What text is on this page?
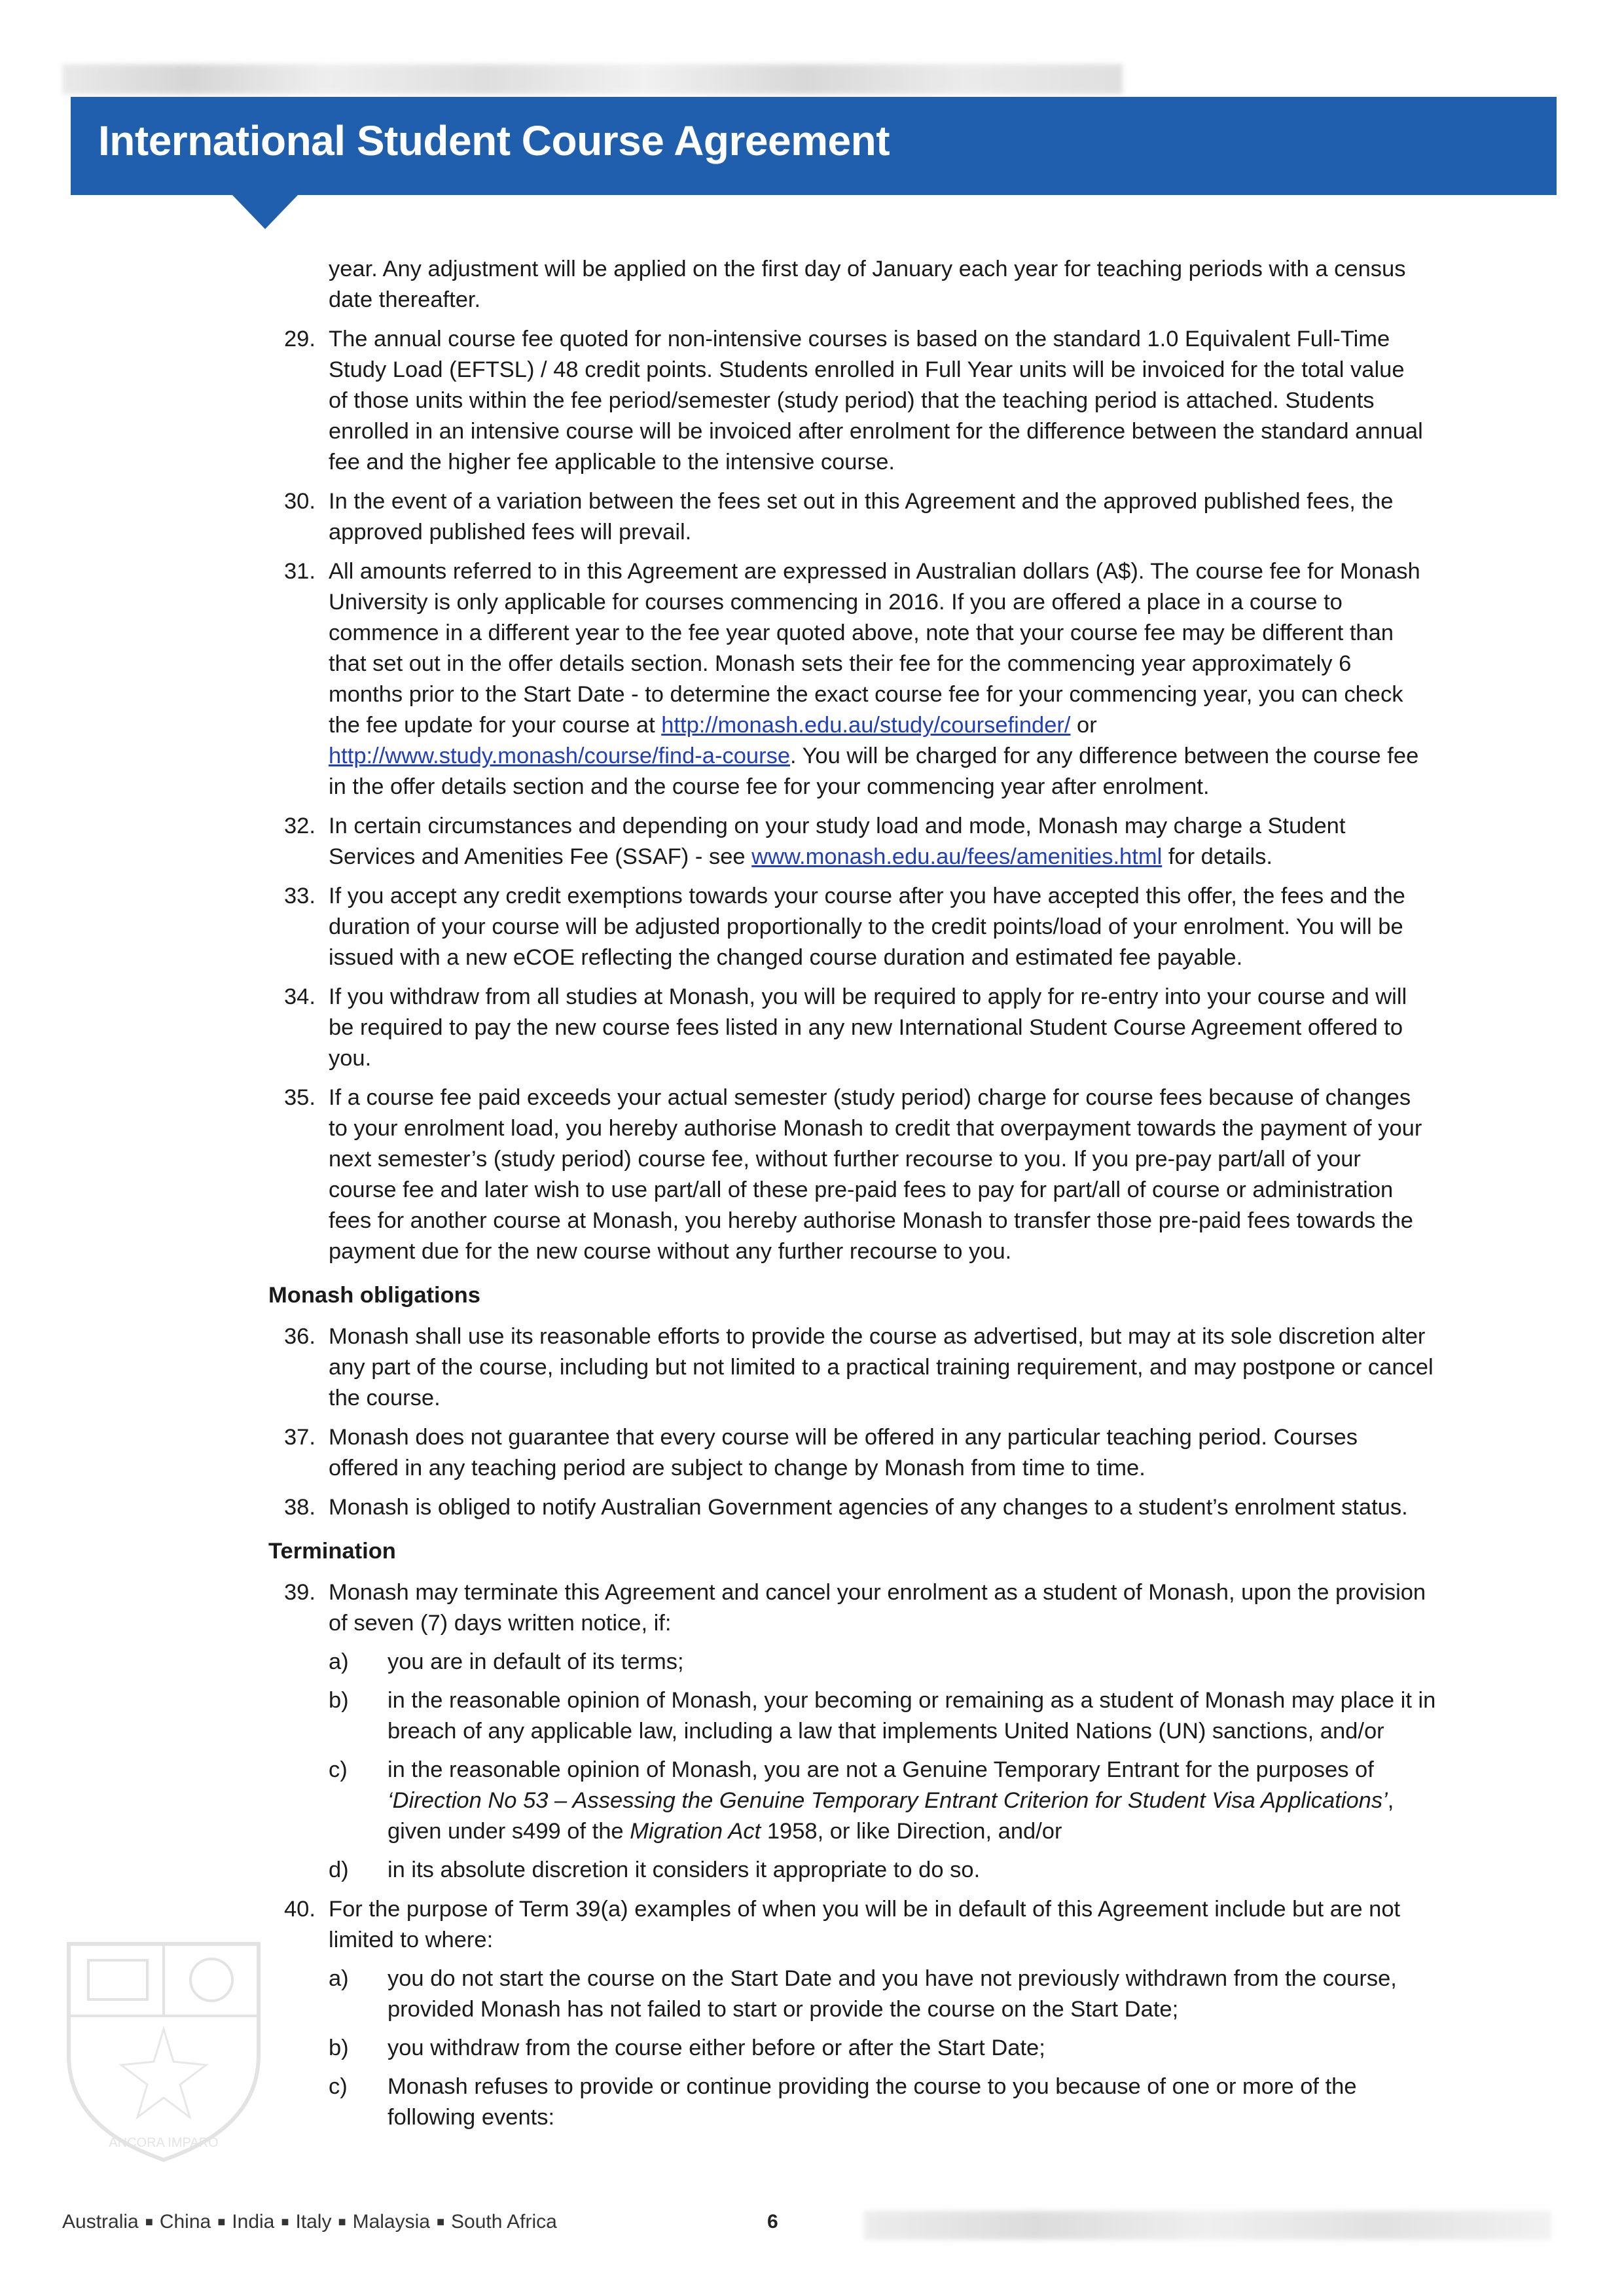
International Student Course Agreement
year. Any adjustment will be applied on the first day of January each year for teaching periods with a census
date thereafter.
29. The annual course fee quoted for non-intensive courses is based on the standard 1.0 Equivalent Full-Time
Study Load (EFTSL) / 48 credit points. Students enrolled in Full Year units will be invoiced for the total value
of those units within the fee period/semester (study period) that the teaching period is attached. Students
enrolled in an intensive course will be invoiced after enrolment for the difference between the standard annual
fee and the higher fee applicable to the intensive course.
30. In the event of a variation between the fees set out in this Agreement and the approved published fees, the
approved published fees will prevail.
31. All amounts referred to in this Agreement are expressed in Australian dollars (A$). The course fee for Monash
University is only applicable for courses commencing in 2016. If you are offered a place in a course to
commence in a different year to the fee year quoted above, note that your course fee may be different than
that set out in the offer details section. Monash sets their fee for the commencing year approximately 6
months prior to the Start Date - to determine the exact course fee for your commencing year, you can check
the fee update for your course at http://monash.edu.au/study/coursefinder/ or
http://www.study.monash/course/find-a-course. You will be charged for any difference between the course fee
in the offer details section and the course fee for your commencing year after enrolment.
32. In certain circumstances and depending on your study load and mode, Monash may charge a Student
Services and Amenities Fee (SSAF) - see www.monash.edu.au/fees/amenities.html for details.
33. If you accept any credit exemptions towards your course after you have accepted this offer, the fees and the
duration of your course will be adjusted proportionally to the credit points/load of your enrolment. You will be
issued with a new eCOE reflecting the changed course duration and estimated fee payable.
34. If you withdraw from all studies at Monash, you will be required to apply for re-entry into your course and will
be required to pay the new course fees listed in any new International Student Course Agreement offered to
you.
35. If a course fee paid exceeds your actual semester (study period) charge for course fees because of changes
to your enrolment load, you hereby authorise Monash to credit that overpayment towards the payment of your
next semester’s (study period) course fee, without further recourse to you. If you pre-pay part/all of your
course fee and later wish to use part/all of these pre-paid fees to pay for part/all of course or administration
fees for another course at Monash, you hereby authorise Monash to transfer those pre-paid fees towards the
payment due for the new course without any further recourse to you.
Monash obligations
36. Monash shall use its reasonable efforts to provide the course as advertised, but may at its sole discretion alter
any part of the course, including but not limited to a practical training requirement, and may postpone or cancel
the course.
37. Monash does not guarantee that every course will be offered in any particular teaching period. Courses
offered in any teaching period are subject to change by Monash from time to time.
38. Monash is obliged to notify Australian Government agencies of any changes to a student’s enrolment status.
Termination
39. Monash may terminate this Agreement and cancel your enrolment as a student of Monash, upon the provision
of seven (7) days written notice, if:
a) you are in default of its terms;
b) in the reasonable opinion of Monash, your becoming or remaining as a student of Monash may place it in
breach of any applicable law, including a law that implements United Nations (UN) sanctions, and/or
c) in the reasonable opinion of Monash, you are not a Genuine Temporary Entrant for the purposes of
‘Direction No 53 – Assessing the Genuine Temporary Entrant Criterion for Student Visa Applications’,
given under s499 of the Migration Act 1958, or like Direction, and/or
d) in its absolute discretion it considers it appropriate to do so.
40. For the purpose of Term 39(a) examples of when you will be in default of this Agreement include but are not
limited to where:
a) you do not start the course on the Start Date and you have not previously withdrawn from the course,
provided Monash has not failed to start or provide the course on the Start Date;
b) you withdraw from the course either before or after the Start Date;
c) Monash refuses to provide or continue providing the course to you because of one or more of the
following events:
ANCORA IMPARO
Australia ■ China ■ India ■ Italy ■ Malaysia ■ South Africa	6
